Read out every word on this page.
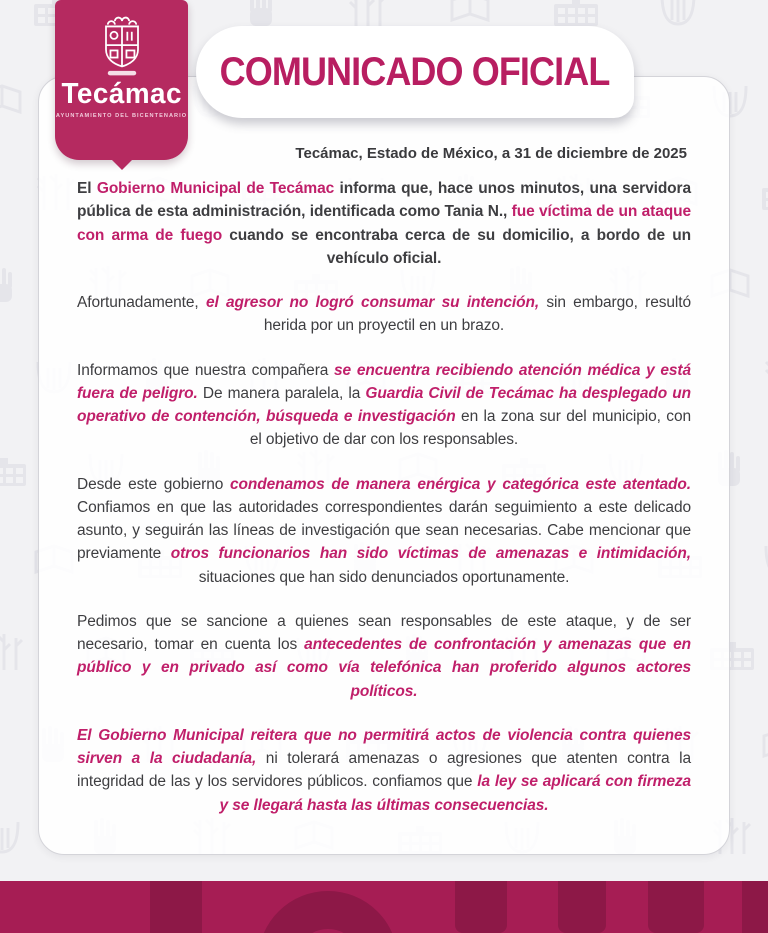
Tecámac
AYUNTAMIENTO DEL BICENTENARIO
COMUNICADO OFICIAL
Tecámac, Estado de México, a 31 de diciembre de 2025

El Gobierno Municipal de Tecámac informa que, hace unos minutos, una servidora pública de esta administración, identificada como Tania N., fue víctima de un ataque con arma de fuego cuando se encontraba cerca de su domicilio, a bordo de un vehículo oficial.

Afortunadamente, el agresor no logró consumar su intención, sin embargo, resultó herida por un proyectil en un brazo.

Informamos que nuestra compañera se encuentra recibiendo atención médica y está fuera de peligro. De manera paralela, la Guardia Civil de Tecámac ha desplegado un operativo de contención, búsqueda e investigación en la zona sur del municipio, con el objetivo de dar con los responsables.

Desde este gobierno condenamos de manera enérgica y categórica este atentado. Confiamos en que las autoridades correspondientes darán seguimiento a este delicado asunto, y seguirán las líneas de investigación que sean necesarias. Cabe mencionar que previamente otros funcionarios han sido víctimas de amenazas e intimidación, situaciones que han sido denunciados oportunamente.

Pedimos que se sancione a quienes sean responsables de este ataque, y de ser necesario, tomar en cuenta los antecedentes de confrontación y amenazas que en público y en privado así como vía telefónica han proferido algunos actores políticos.

El Gobierno Municipal reitera que no permitirá actos de violencia contra quienes sirven a la ciudadanía, ni tolerará amenazas o agresiones que atenten contra la integridad de las y los servidores públicos. confiamos que la ley se aplicará con firmeza y se llegará hasta las últimas consecuencias.
